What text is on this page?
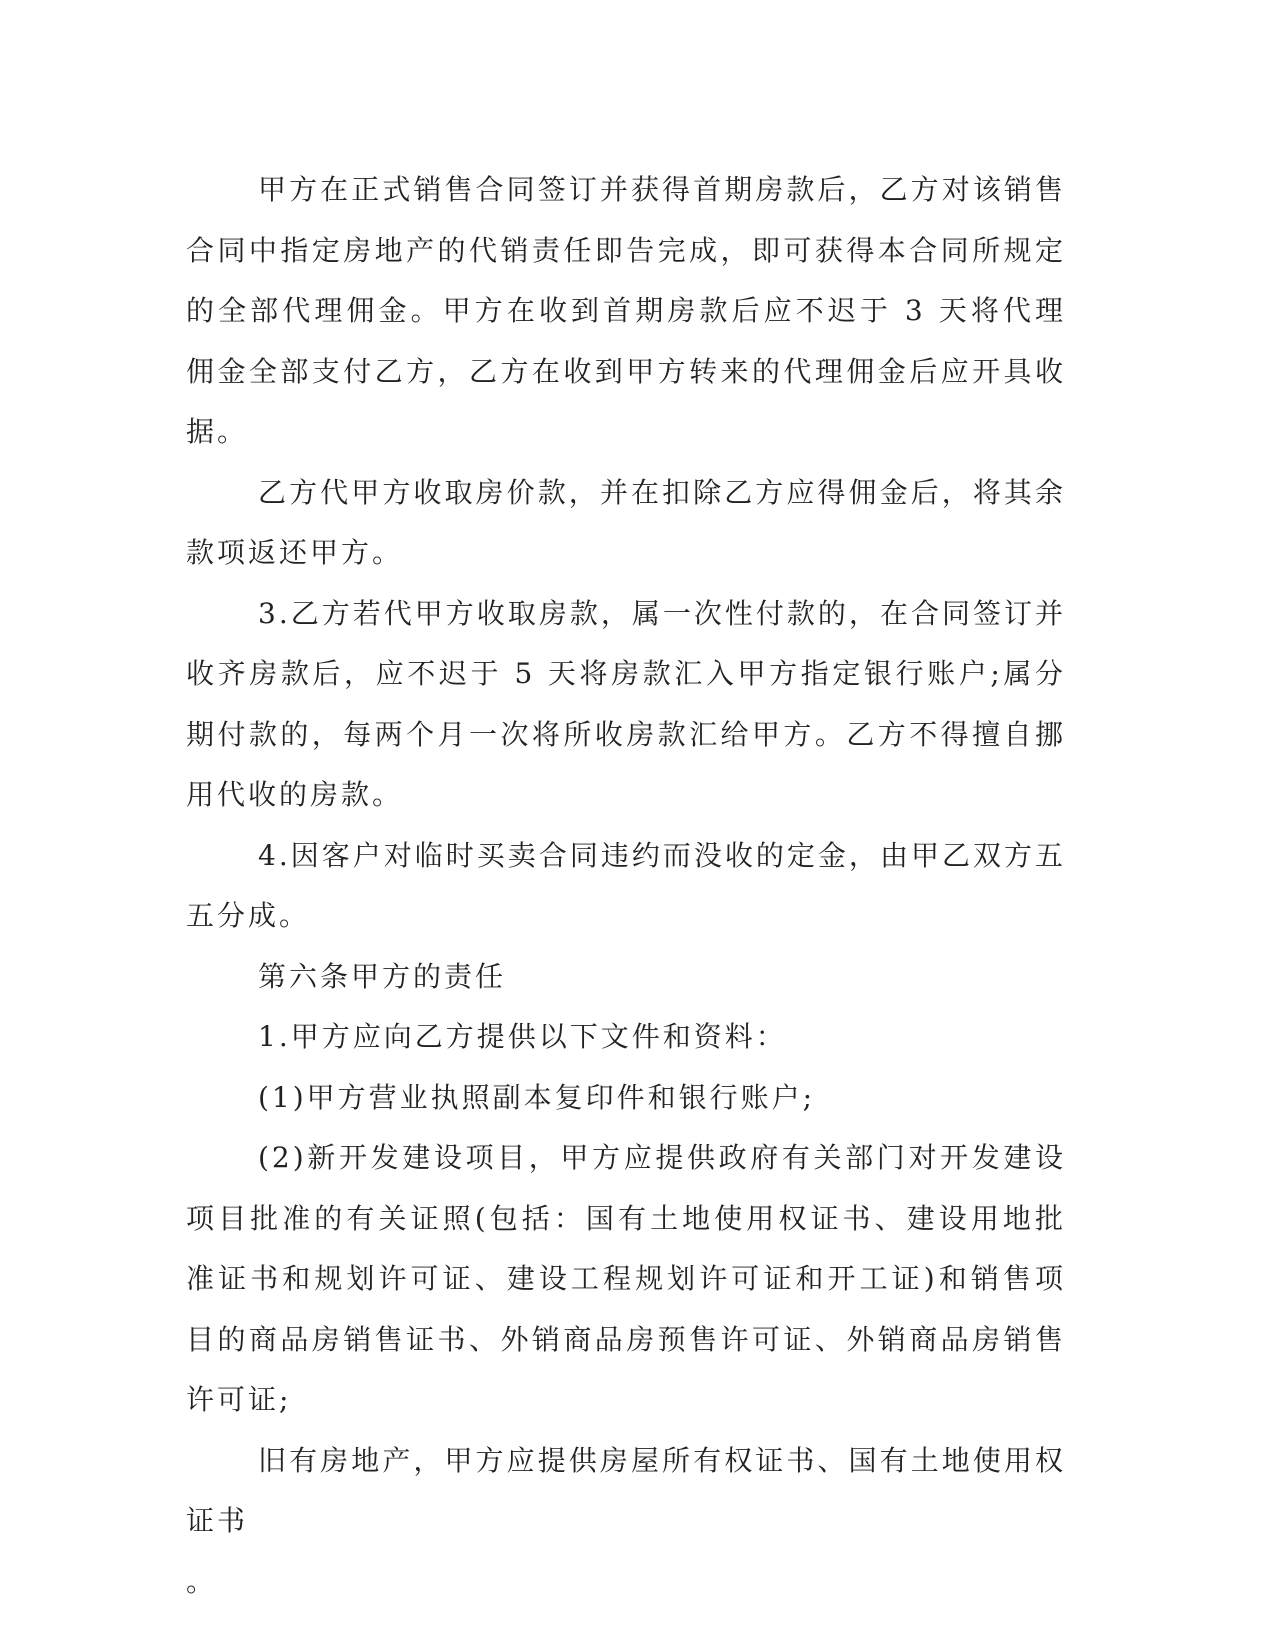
甲方在正式销售合同签订并获得首期房款后，乙方对该销售合同中指定房地产的代销责任即告完成，即可获得本合同所规定的全部代理佣金。甲方在收到首期房款后应不迟于 3 天将代理佣金全部支付乙方，乙方在收到甲方转来的代理佣金后应开具收据。

乙方代甲方收取房价款，并在扣除乙方应得佣金后，将其余款项返还甲方。

3.乙方若代甲方收取房款，属一次性付款的，在合同签订并收齐房款后，应不迟于 5 天将房款汇入甲方指定银行账户;属分期付款的，每两个月一次将所收房款汇给甲方。乙方不得擅自挪用代收的房款。

4.因客户对临时买卖合同违约而没收的定金，由甲乙双方五五分成。

第六条甲方的责任

1.甲方应向乙方提供以下文件和资料：

(1)甲方营业执照副本复印件和银行账户;

(2)新开发建设项目，甲方应提供政府有关部门对开发建设项目批准的有关证照(包括：国有土地使用权证书、建设用地批准证书和规划许可证、建设工程规划许可证和开工证)和销售项目的商品房销售证书、外销商品房预售许可证、外销商品房销售许可证;

旧有房地产，甲方应提供房屋所有权证书、国有土地使用权证书

。
